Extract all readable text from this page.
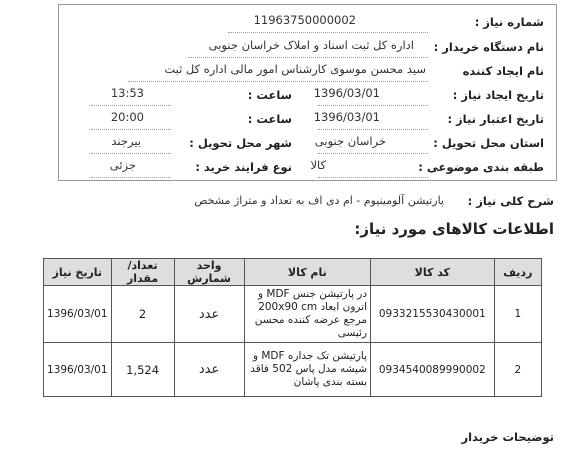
شماره نیاز :
11963750000002
نام دستگاه خریدار :
اداره کل ثبت اسناد و املاک خراسان جنوبی
نام ایجاد کننده
سید محسن موسوی کارشناس امور مالی اداره کل ثبت
تاریخ ایجاد نیاز :
1396/03/01
ساعت :
13:53
تاریخ اعتبار نیاز :
1396/03/01
ساعت :
20:00
استان محل تحویل :
خراسان جنوبی
شهر محل تحویل :
بیرجند
طبقه بندی موضوعی :
کالا
نوع فرایند خرید :
جزئی
شرح کلی نیاز :
پارتیشن آلومینیوم - ام دی اف به تعداد و متراژ مشخص
اطلاعات کالاهای مورد نیاز:
ردیف	کد کالا	نام کالا	واحد شمارش	تعداد/ مقدار	تاریخ نیاز
1	0933215530430001	در پارتیشن جنس MDF و اترون ابعاد 200x90 cm مرجع عرضه کننده محسن رئیسی	عدد	2	1396/03/01
2	0934540089990002	پارتیشن تک جداره MDF و شیشه مدل پاس 502 فاقد بسته بندی پاشان	عدد	1,524	1396/03/01
توضیحات خریدار
